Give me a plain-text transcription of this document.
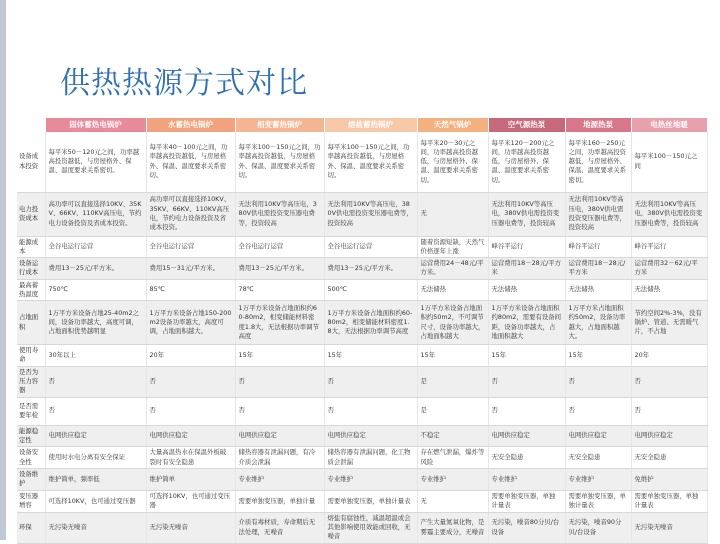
供热热源方式对比
	固体蓄热电锅炉	水蓄热电锅炉	相变蓄热锅炉	熔盐蓄热锅炉	天然气锅炉	空气源热泵	地源热泵	电热丝地暖
设备成本投资	每平米50－120元之间，功率越高投资越低，与房屋格外、保温、温度要求关系密切。	每平米40－100元之间，功率越高投资越低，与房屋格外、保温、温度要求关系密切。	每平米100－150元之间，功率越高投资越低，与房屋格外、保温、温度要求关系密切。	每平米100－150元之间，功率越高投资越低，与房屋格外、保温、温度要求关系密切。	每平米20－30元之间，功率越高投资越低，与房屋格外、保温、温度要求关系密切。	每平米120－200元之间，功率越高投资越低，与房屋格外、保温、温度要求关系密切。	每平米160－250元之间，功率越高投资越低，与房屋格外、保温、温度要求关系密切。	每平米100－150元之间
电力投资成本	高功率可以直接选择10KV、35KV、66KV、110KV高压电，节约电力设备投资及省成本投资。	高功率可以直接选择10KV、35KV、66KV、110KV高压电，节约电力设备投资及省成本投资。	无法利用10KV等高压电，380V供电需投资变压器电费等，投资较高	无法利用10KV等高压电，380V供电需投资变压器电费等，投资较高	无	无法利用10KV等高压电，380V供电需投资变压器电费等，投资较高	无法利用10KV等高压电，380V供电需投资变压器电费等，投资较高	无法利用10KV等高压电，380V供电需投资变压器电费等，投资较高
能源成本	全谷电运行运营	全谷电运行运营	全谷电运行运营	全谷电运行运营	随着资源短缺，天然气价格逐年上涨	峰谷平运行	峰谷平运行	峰谷平运行
设备运行成本	费用13－25元/平方米。	费用15－31元/平方米。	费用13－25元/平方米。	费用13－25元/平方米。	运营费用24－48元/平方米。	运营费用18－28元/平方米	运营费用18－28元/平方米	运营费用32－62元/平方米
最高蓄热温度	750℃	85℃	78℃	500℃	无法储热	无法储热	无法储热	无法储热
占地面积	1万平方米设备占地25-40m2之间，设备功率越大，高度可调，占地面积优势越明显	1万平方米设备占地150-200m2设备功率越大，高度可调，占地面积越大。	1万平方米设备占地面积约60-80m2，相变储能材料密度1.8大，无法根据功率调节高度	1万平方米设备占地面积约60-80m2，相变储能材料密度1.8大，无法根据功率调节高度	1万平方米设备占地面积约50m2，不可调节尺寸，设备功率越大，占地面积越大	1万平方米设备占地面积约80m2，需要有设备间距，设备功率越大，占地面积越大	1万平方米占地面积约50m2，设备功率越大，占地面积越大。	节约空间2%-3%，没有锅炉、管道、无需暖气片，不占地
使用寿命	30年以上	20年	15年	15年	15年	15年	15年	20年
是否为压力容器	否	否	否	否	是	否	否	否
是否需要年检	否	否	否	否	是	否	否	否
能源稳定性	电网供应稳定	电网供应稳定	电网供应稳定	电网供应稳定	不稳定	电网供应稳定	电网供应稳定	电网供应稳定
设备安全性	使用时水电分离有安全保证	大量高温热水在保温外板破裂时有安全隐患	储热容器有泄漏问题，有冷介质会泄漏	储热容器有泄漏问题，化工物质会泄漏	存在燃气泄漏，爆炸等风险	无安全隐患	无安全隐患	无安全隐患
设备维护	维护简单，频率低	维护简单	专业维护	专业维护	专业维护	专业维护	专业维护	免维护
变压器增容	可选择10KV，也可通过变压器	可选择10KV，也可通过变压器	需要单独变压器，单独计量	需要单独变压器，单独计量表	无	需要单独变压器，单独计量表	需要单独变压器，单独计量表	需要单独变压器，单独计量表
环保	无污染无噪音	无污染无噪音	介质有毒材质，寿命期后无法处理，无噪音	熔盐有腐蚀性，减温超温或会其他影响使用效能或回收，无噪音	产生大量氮氧化物，是雾霾主要成分，无噪音	无污染，噪音80分贝/台设备	无污染，噪音90分贝/台设备	无污染无噪音
